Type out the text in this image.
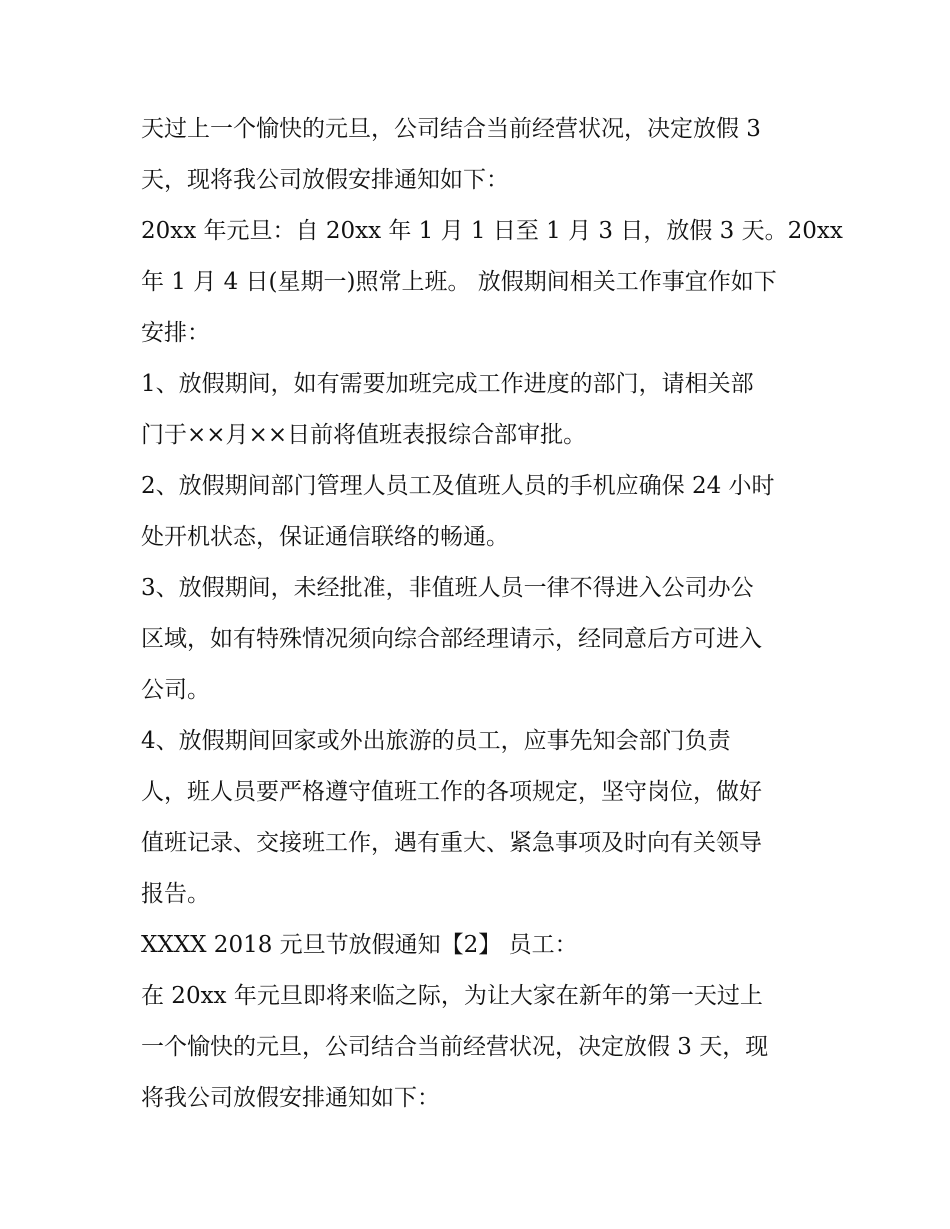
天过上一个愉快的元旦，公司结合当前经营状况，决定放假 3
天，现将我公司放假安排通知如下：
20xx 年元旦：自 20xx 年 1 月 1 日至 1 月 3 日，放假 3 天。20xx
年 1 月 4 日(星期一)照常上班。 放假期间相关工作事宜作如下
安排：
1、放假期间，如有需要加班完成工作进度的部门，请相关部
门于××月××日前将值班表报综合部审批。
2、放假期间部门管理人员工及值班人员的手机应确保 24 小时
处开机状态，保证通信联络的畅通。
3、放假期间，未经批准，非值班人员一律不得进入公司办公
区域，如有特殊情况须向综合部经理请示，经同意后方可进入
公司。
4、放假期间回家或外出旅游的员工，应事先知会部门负责
人，班人员要严格遵守值班工作的各项规定，坚守岗位，做好
值班记录、交接班工作，遇有重大、紧急事项及时向有关领导
报告。
XXXX 2018 元旦节放假通知【2】 员工：
在 20xx 年元旦即将来临之际，为让大家在新年的第一天过上
一个愉快的元旦，公司结合当前经营状况，决定放假 3 天，现
将我公司放假安排通知如下：
